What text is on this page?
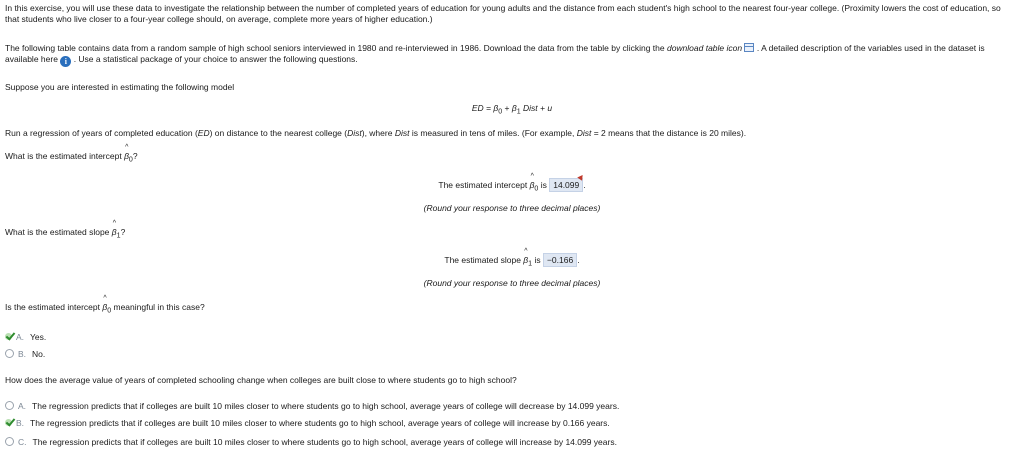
In this exercise, you will use these data to investigate the relationship between the number of completed years of education for young adults and the distance from each student's high school to the nearest four-year college. (Proximity lowers the cost of education, so that students who live closer to a four-year college should, on average, complete more years of higher education.)
The following table contains data from a random sample of high school seniors interviewed in 1980 and re-interviewed in 1986. Download the data from the table by clicking the download table icon . A detailed description of the variables used in the dataset is available here i . Use a statistical package of your choice to answer the following questions.
Suppose you are interested in estimating the following model
ED = $\beta_0 + \beta_1$ Dist + u
Run a regression of years of completed education (ED) on distance to the nearest college (Dist), where Dist is measured in tens of miles. (For example, Dist = 2 means that the distance is 20 miles).
What is the estimated intercept ^ $\beta_0$?
The estimated intercept ^ $\beta_0$ is 14.099 .
(Round your response to three decimal places)
What is the estimated slope ^ $\beta_1$?
The estimated slope ^ $\beta_1$ is −0.166 .
(Round your response to three decimal places)
Is the estimated intercept ^ $\beta_0$ meaningful in this case?
A. Yes.
B. No.
How does the average value of years of completed schooling change when colleges are built close to where students go to high school?
A. The regression predicts that if colleges are built 10 miles closer to where students go to high school, average years of college will decrease by 14.099 years.
B. The regression predicts that if colleges are built 10 miles closer to where students go to high school, average years of college will increase by 0.166 years.
C. The regression predicts that if colleges are built 10 miles closer to where students go to high school, average years of college will increase by 14.099 years.
